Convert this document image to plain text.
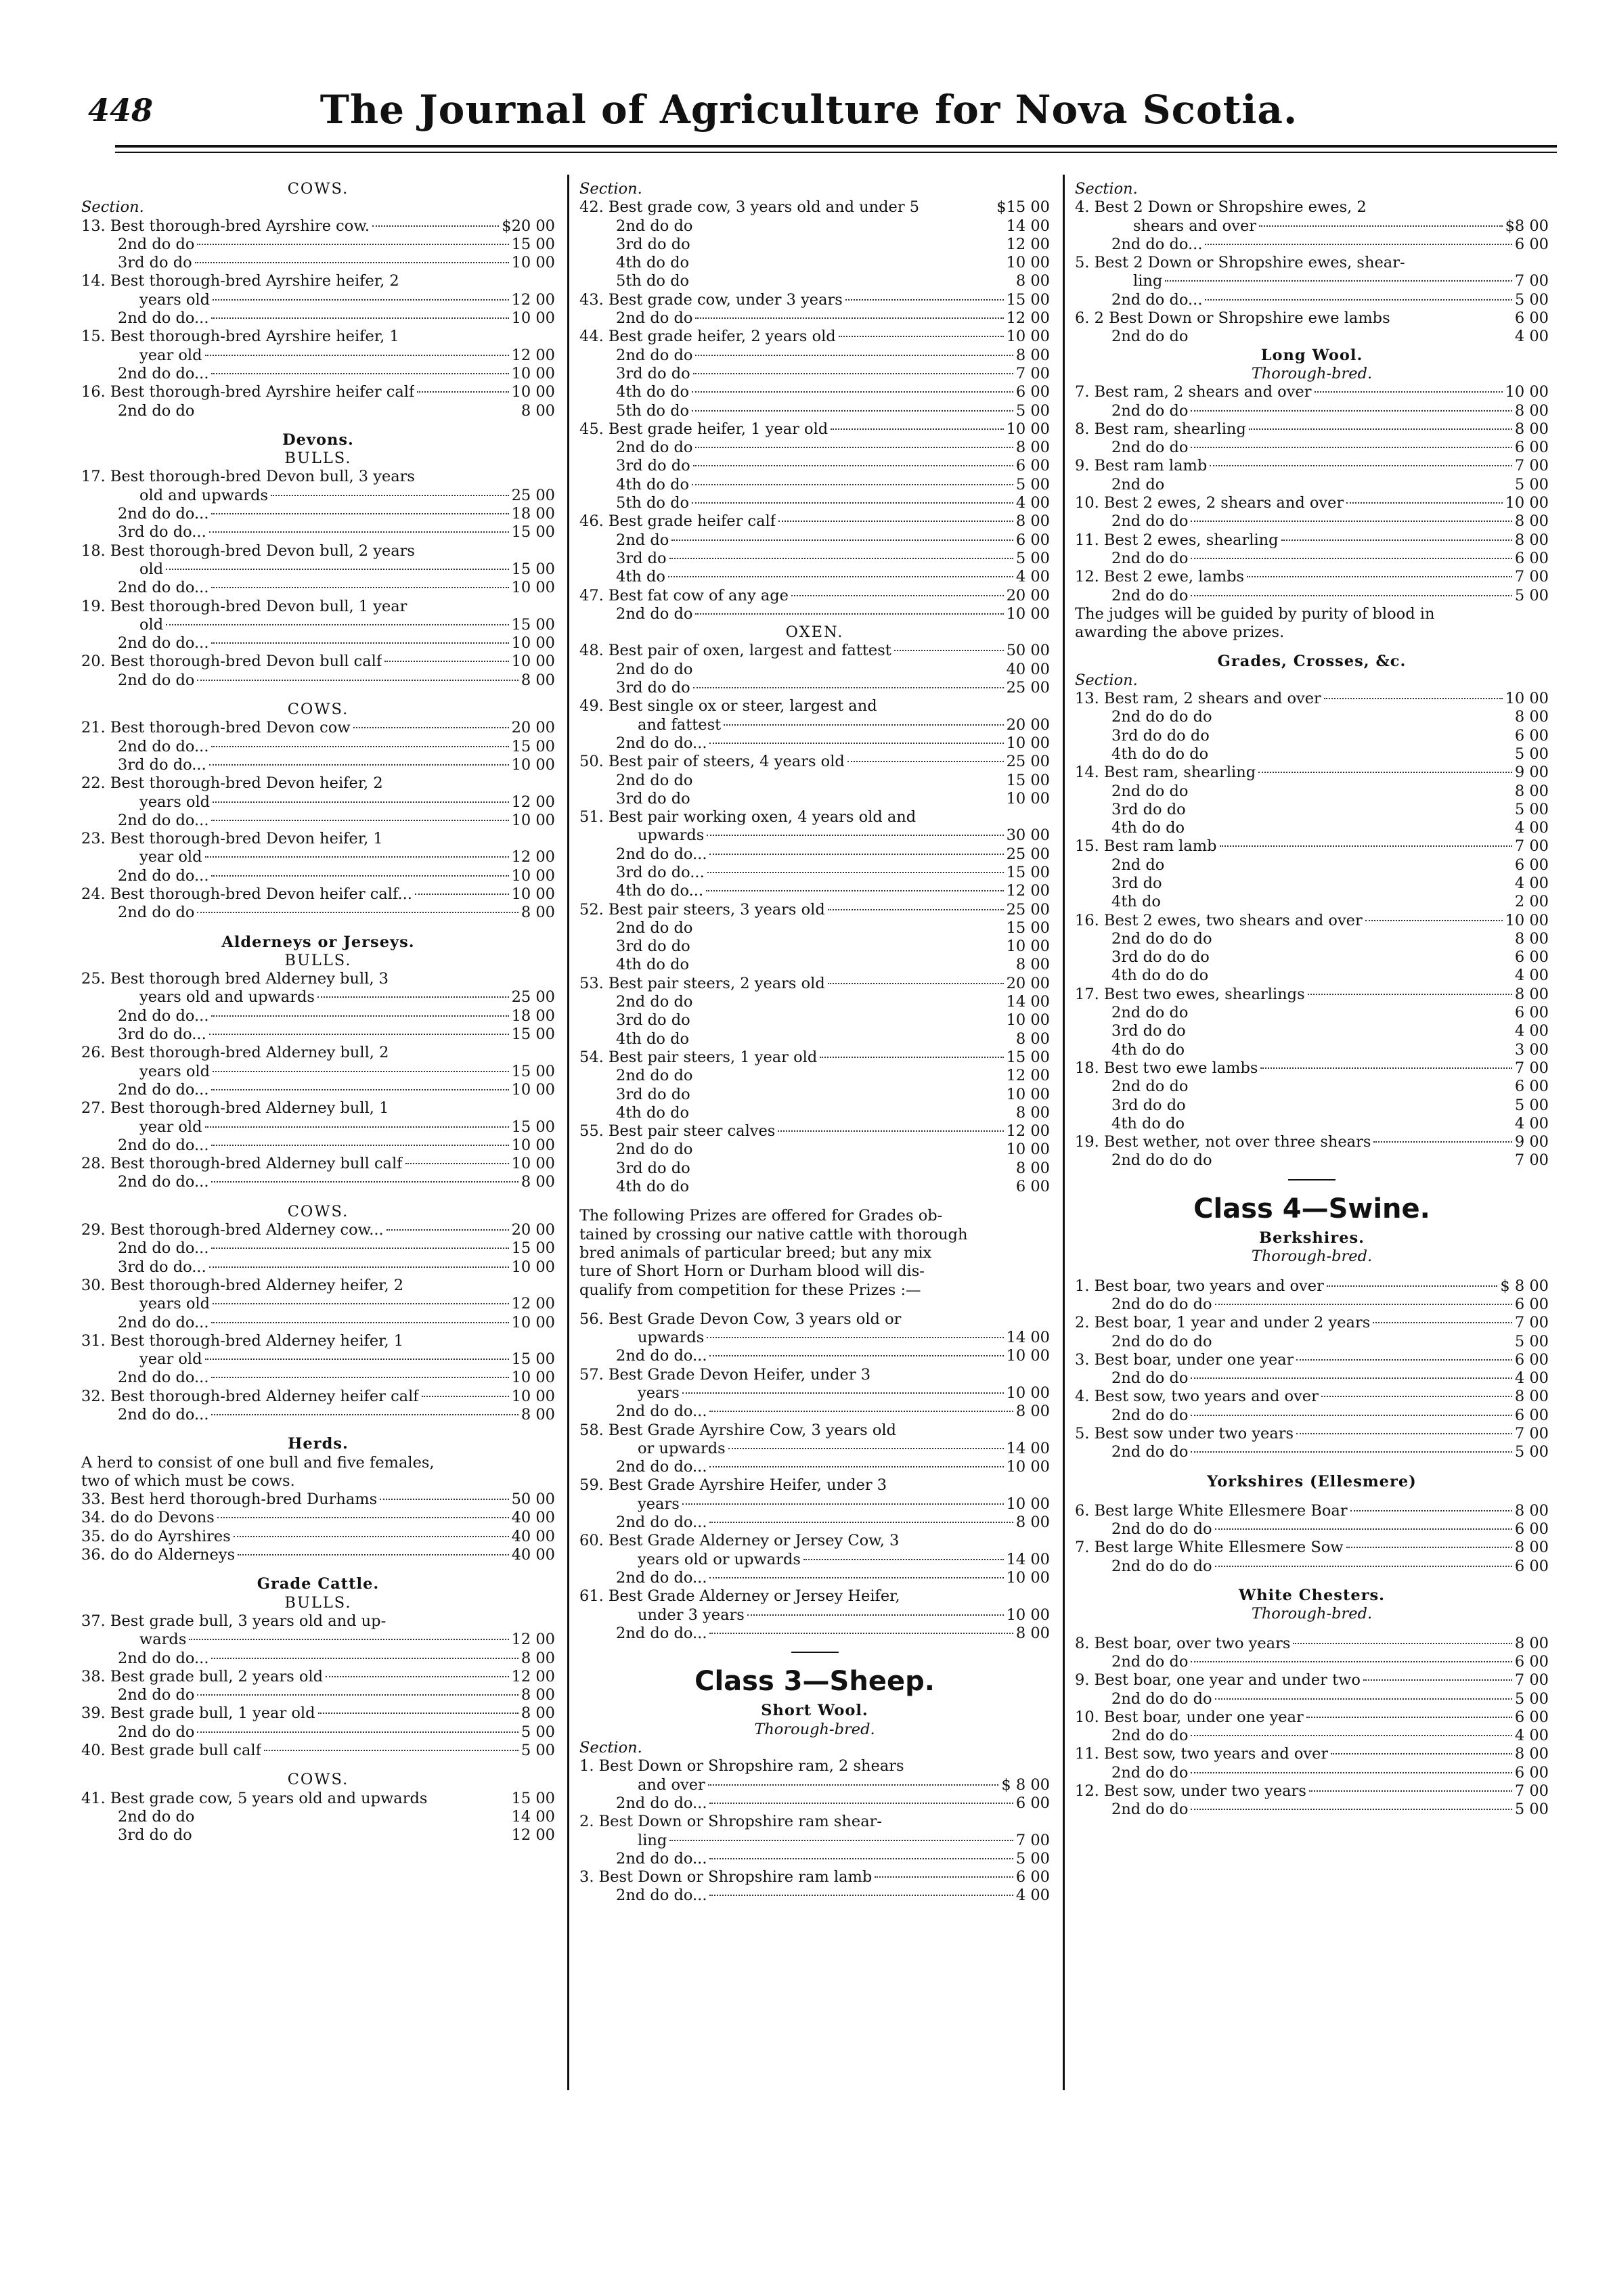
448	The Journal of Agriculture for Nova Scotia.
COWS.
Section.
13. Best thorough-bred Ayrshire cow.	$20 00
2nd do do	15 00
3rd do do	10 00
14. Best thorough-bred Ayrshire heifer, 2
years old	12 00
2nd do do...	10 00
15. Best thorough-bred Ayrshire heifer, 1
year old	12 00
2nd do do...	10 00
16. Best thorough-bred Ayrshire heifer calf	10 00
2nd do do	8 00
Devons.
BULLS.
17. Best thorough-bred Devon bull, 3 years
old and upwards	25 00
2nd do do...	18 00
3rd do do...	15 00
18. Best thorough-bred Devon bull, 2 years
old	15 00
2nd do do...	10 00
19. Best thorough-bred Devon bull, 1 year
old	15 00
2nd do do...	10 00
20. Best thorough-bred Devon bull calf	10 00
2nd do do	8 00
COWS.
21. Best thorough-bred Devon cow	20 00
2nd do do...	15 00
3rd do do...	10 00
22. Best thorough-bred Devon heifer, 2
years old	12 00
2nd do do...	10 00
23. Best thorough-bred Devon heifer, 1
year old	12 00
2nd do do...	10 00
24. Best thorough-bred Devon heifer calf...	10 00
2nd do do	8 00
Alderneys or Jerseys.
BULLS.
25. Best thorough bred Alderney bull, 3
years old and upwards	25 00
2nd do do...	18 00
3rd do do...	15 00
26. Best thorough-bred Alderney bull, 2
years old	15 00
2nd do do...	10 00
27. Best thorough-bred Alderney bull, 1
year old	15 00
2nd do do...	10 00
28. Best thorough-bred Alderney bull calf	10 00
2nd do do...	8 00
COWS.
29. Best thorough-bred Alderney cow...	20 00
2nd do do...	15 00
3rd do do...	10 00
30. Best thorough-bred Alderney heifer, 2
years old	12 00
2nd do do...	10 00
31. Best thorough-bred Alderney heifer, 1
year old	15 00
2nd do do...	10 00
32. Best thorough-bred Alderney heifer calf	10 00
2nd do do...	8 00
Herds.
A herd to consist of one bull and five females,
two of which must be cows.
33. Best herd thorough-bred Durhams	50 00
34. do do Devons	40 00
35. do do Ayrshires	40 00
36. do do Alderneys	40 00
Grade Cattle.
BULLS.
37. Best grade bull, 3 years old and up-
wards	12 00
2nd do do...	8 00
38. Best grade bull, 2 years old	12 00
2nd do do	8 00
39. Best grade bull, 1 year old	8 00
2nd do do	5 00
40. Best grade bull calf	5 00
COWS.
41. Best grade cow, 5 years old and upwards	15 00
2nd do do	14 00
3rd do do	12 00
Section.
42. Best grade cow, 3 years old and under 5	$15 00
2nd do do	14 00
3rd do do	12 00
4th do do	10 00
5th do do	8 00
43. Best grade cow, under 3 years	15 00
2nd do do	12 00
44. Best grade heifer, 2 years old	10 00
2nd do do	8 00
3rd do do	7 00
4th do do	6 00
5th do do	5 00
45. Best grade heifer, 1 year old	10 00
2nd do do	8 00
3rd do do	6 00
4th do do	5 00
5th do do	4 00
46. Best grade heifer calf	8 00
2nd do	6 00
3rd do	5 00
4th do	4 00
47. Best fat cow of any age	20 00
2nd do do	10 00
OXEN.
48. Best pair of oxen, largest and fattest	50 00
2nd do do	40 00
3rd do do	25 00
49. Best single ox or steer, largest and
and fattest	20 00
2nd do do...	10 00
50. Best pair of steers, 4 years old	25 00
2nd do do	15 00
3rd do do	10 00
51. Best pair working oxen, 4 years old and
upwards	30 00
2nd do do...	25 00
3rd do do...	15 00
4th do do...	12 00
52. Best pair steers, 3 years old	25 00
2nd do do	15 00
3rd do do	10 00
4th do do	8 00
53. Best pair steers, 2 years old	20 00
2nd do do	14 00
3rd do do	10 00
4th do do	8 00
54. Best pair steers, 1 year old	15 00
2nd do do	12 00
3rd do do	10 00
4th do do	8 00
55. Best pair steer calves	12 00
2nd do do	10 00
3rd do do	8 00
4th do do	6 00
The following Prizes are offered for Grades ob-
tained by crossing our native cattle with thorough
bred animals of particular breed; but any mix
ture of Short Horn or Durham blood will dis-
qualify from competition for these Prizes :—
56. Best Grade Devon Cow, 3 years old or
upwards	14 00
2nd do do...	10 00
57. Best Grade Devon Heifer, under 3
years	10 00
2nd do do...	8 00
58. Best Grade Ayrshire Cow, 3 years old
or upwards	14 00
2nd do do...	10 00
59. Best Grade Ayrshire Heifer, under 3
years	10 00
2nd do do...	8 00
60. Best Grade Alderney or Jersey Cow, 3
years old or upwards	14 00
2nd do do...	10 00
61. Best Grade Alderney or Jersey Heifer,
under 3 years	10 00
2nd do do...	8 00
Class 3—Sheep.
Short Wool.
Thorough-bred.
Section.
1. Best Down or Shropshire ram, 2 shears
and over	$ 8 00
2nd do do...	6 00
2. Best Down or Shropshire ram shear-
ling	7 00
2nd do do...	5 00
3. Best Down or Shropshire ram lamb	6 00
2nd do do...	4 00
Section.
4. Best 2 Down or Shropshire ewes, 2
shears and over	$8 00
2nd do do...	6 00
5. Best 2 Down or Shropshire ewes, shear-
ling	7 00
2nd do do...	5 00
6. 2 Best Down or Shropshire ewe lambs	6 00
2nd do do	4 00
Long Wool.
Thorough-bred.
7. Best ram, 2 shears and over	10 00
2nd do do	8 00
8. Best ram, shearling	8 00
2nd do do	6 00
9. Best ram lamb	7 00
2nd do	5 00
10. Best 2 ewes, 2 shears and over	10 00
2nd do do	8 00
11. Best 2 ewes, shearling	8 00
2nd do do	6 00
12. Best 2 ewe, lambs	7 00
2nd do do	5 00
The judges will be guided by purity of blood in
awarding the above prizes.
Grades, Crosses, &c.
Section.
13. Best ram, 2 shears and over	10 00
2nd do do do	8 00
3rd do do do	6 00
4th do do do	5 00
14. Best ram, shearling	9 00
2nd do do	8 00
3rd do do	5 00
4th do do	4 00
15. Best ram lamb	7 00
2nd do	6 00
3rd do	4 00
4th do	2 00
16. Best 2 ewes, two shears and over	10 00
2nd do do do	8 00
3rd do do do	6 00
4th do do do	4 00
17. Best two ewes, shearlings	8 00
2nd do do	6 00
3rd do do	4 00
4th do do	3 00
18. Best two ewe lambs	7 00
2nd do do	6 00
3rd do do	5 00
4th do do	4 00
19. Best wether, not over three shears	9 00
2nd do do do	7 00
Class 4—Swine.
Berkshires.
Thorough-bred.
1. Best boar, two years and over	$ 8 00
2nd do do do	6 00
2. Best boar, 1 year and under 2 years	7 00
2nd do do do	5 00
3. Best boar, under one year	6 00
2nd do do	4 00
4. Best sow, two years and over	8 00
2nd do do	6 00
5. Best sow under two years	7 00
2nd do do	5 00
Yorkshires (Ellesmere)
6. Best large White Ellesmere Boar	8 00
2nd do do do	6 00
7. Best large White Ellesmere Sow	8 00
2nd do do do	6 00
White Chesters.
Thorough-bred.
8. Best boar, over two years	8 00
2nd do do	6 00
9. Best boar, one year and under two	7 00
2nd do do do	5 00
10. Best boar, under one year	6 00
2nd do do	4 00
11. Best sow, two years and over	8 00
2nd do do	6 00
12. Best sow, under two years	7 00
2nd do do	5 00
